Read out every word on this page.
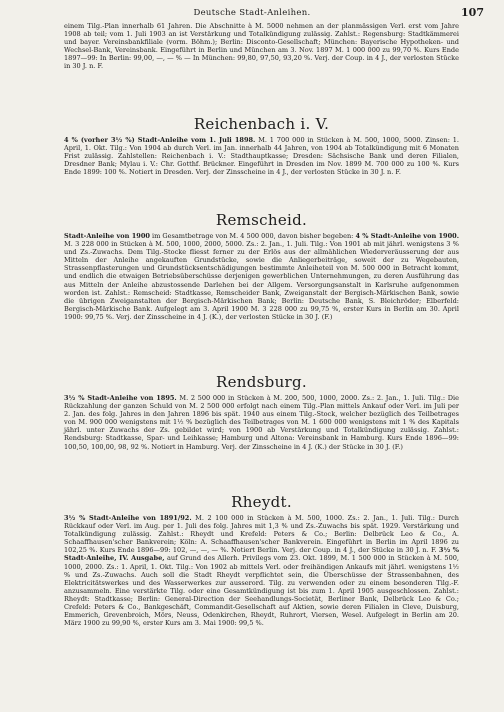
Deutsche Stadt-Anleihen.	107

einem Tilg.-Plan innerhalb 61 Jahren. Die Abschnitte à M. 5000 nehmen an der planmässigen Verl. erst vom Jahre 1908 ab teil; vom 1. Juli 1903 an ist Verstärkung und Totalkündigung zulässig. Zahlst.: Regensburg: Stadtkämmerei und bayer. Vereinsbankfiliale (vorm. Böhm.); Berlin: Disconto-Gesellschaft; München: Bayerische Hypotheken- und Wechsel-Bank, Vereinsbank. Eingeführt in Berlin und München am 3. Nov. 1897 M. 1 000 000 zu 99,70 %. Kurs Ende 1897—99: In Berlin: 99,00, —, — % — In München: 99,80, 97,50, 93,20 %. Verj. der Coup. in 4 J., der verlosten Stücke in 30 J. n. F.

Reichenbach i. V.

4 % (vorher 3½ %) Stadt-Anleihe vom 1. Juli 1898. M. 1 700 000 in Stücken à M. 500, 1000, 5000. Zinsen: 1. April, 1. Okt. Tilg.: Von 1904 ab durch Verl. im Jan. innerhalb 44 Jahren, von 1904 ab Totalkündigung mit 6 Monaten Frist zulässig. Zahlstellen: Reichenbach i. V.: Stadthauptkasse; Dresden: Sächsische Bank und deren Filialen, Dresdner Bank; Mylau i. V.: Chr. Gotthf. Brückner. Eingeführt in Dresden im Nov. 1899 M. 700 000 zu 100 %. Kurs Ende 1899: 100 %. Notiert in Dresden. Verj. der Zinsscheine in 4 J., der verlosten Stücke in 30 J. n. F.

Remscheid.

Stadt-Anleihe von 1900 im Gesamtbetrage von M. 4 500 000, davon bisher begeben: 4 % Stadt-Anleihe von 1900. M. 3 228 000 in Stücken à M. 500, 1000, 2000, 5000. Zs.: 2. Jan., 1. Juli. Tilg.: Von 1901 ab mit jährl. wenigstens 3 % und Zs.-Zuwachs. Dem Tilg.-Stocke fliesst ferner zu der Erlös aus der allmählichen Wiederveräusserung der aus Mitteln der Anleihe angekauften Grundstücke, sowie die Anliegerbeiträge, soweit der zu Wegebauten, Strassenpflasterungen und Grundstücksentschädigungen bestimmte Anleiheteil von M. 500 000 in Betracht kommt, und endlich die etwaigen Betriebsüberschüsse derjenigen gewerblichen Unternehmungen, zu deren Ausführung das aus Mitteln der Anleihe abzustossende Darlehen bei der Allgem. Versorgungsanstalt in Karlsruhe aufgenommen worden ist. Zahlst.: Remscheid: Stadtkasse, Remscheider Bank, Zweiganstalt der Bergisch-Märkischen Bank, sowie die übrigen Zweiganstalten der Bergisch-Märkischen Bank; Berlin: Deutsche Bank, S. Bleichröder; Elberfeld: Bergisch-Märkische Bank. Aufgelegt am 3. April 1900 M. 3 228 000 zu 99,75 %, erster Kurs in Berlin am 30. April 1900: 99,75 %. Verj. der Zinsscheine in 4 J. (K.), der verlosten Stücke in 30 J. (F.)

Rendsburg.

3½ % Stadt-Anleihe von 1895. M. 2 500 000 in Stücken à M. 200, 500, 1000, 2000. Zs.: 2. Jan., 1. Juli. Tilg.: Die Rückzahlung der ganzen Schuld von M. 2 500 000 erfolgt nach einem Tilg.-Plan mittels Ankauf oder Verl. im Juli per 2. Jan. des folg. Jahres in den Jahren 1896 bis spät. 1940 aus einem Tilg.-Stock, welcher bezüglich des Teilbetrages von M. 900 000 wenigstens mit 1½ % bezüglich des Teilbetrages von M. 1 600 000 wenigstens mit 1 % des Kapitals jährl. unter Zuwachs der Zs. gebildet wird; von 1900 ab Verstärkung und Totalkündigung zulässig. Zahlst.: Rendsburg: Stadtkasse, Spar- und Leihkasse; Hamburg und Altona: Vereinsbank in Hamburg. Kurs Ende 1896—99: 100,50, 100,00, 98, 92 %. Notiert in Hamburg. Verj. der Zinsscheine in 4 J. (K.) der Stücke in 30 J. (F.)

Rheydt.

3½ % Stadt-Anleihe von 1891/92. M. 2 100 000 in Stücken à M. 500, 1000. Zs.: 2. Jan., 1. Juli. Tilg.: Durch Rückkauf oder Verl. im Aug. per 1. Juli des folg. Jahres mit 1,3 % und Zs.-Zuwachs bis spät. 1929. Verstärkung und Totalkündigung zulässig. Zahlst.: Rheydt und Krefeld: Peters & Co.; Berlin: Delbrück Leo & Co., A. Schaaffhausen'scher Bankverein; Köln: A. Schaaffhausen'scher Bankverein. Eingeführt in Berlin im April 1896 zu 102,25 %. Kurs Ende 1896—99: 102, —, —, — %. Notiert Berlin. Verj. der Coup. in 4 J., der Stücke in 30 J. n. F. 3½ % Stadt-Anleihe, IV. Ausgabe, auf Grund des Allerh. Privilegs vom 23. Okt. 1899, M. 1 500 000 in Stücken à M. 500, 1000, 2000. Zs.: 1. April, 1. Okt. Tilg.: Von 1902 ab mittels Verl. oder freihändigen Ankaufs mit jährl. wenigstens 1½ % und Zs.-Zuwachs. Auch soll die Stadt Rheydt verpflichtet sein, die Überschüsse der Strassenbahnen, des Elektricitätswerkes und des Wasserwerkes zur ausserord. Tilg. zu verwenden oder zu einem besonderen Tilg.-F. anzusammeln. Eine verstärkte Tilg. oder eine Gesamtkündigung ist bis zum 1. April 1905 ausgeschlossen. Zahlst.: Rheydt: Stadtkasse; Berlin: General-Direction der Seehandlungs-Societät, Berliner Bank, Delbrück Leo & Co.; Crefeld: Peters & Co., Bankgeschäft, Commandit-Gesellschaft auf Aktien, sowie deren Filialen in Cleve, Duisburg, Emmerich, Grevenbroich, Mörs, Neuss, Odenkirchen, Rheydt, Ruhrort, Viersen, Wesel. Aufgelegt in Berlin am 20. März 1900 zu 99,90 %, erster Kurs am 3. Mai 1900: 99,5 %.
